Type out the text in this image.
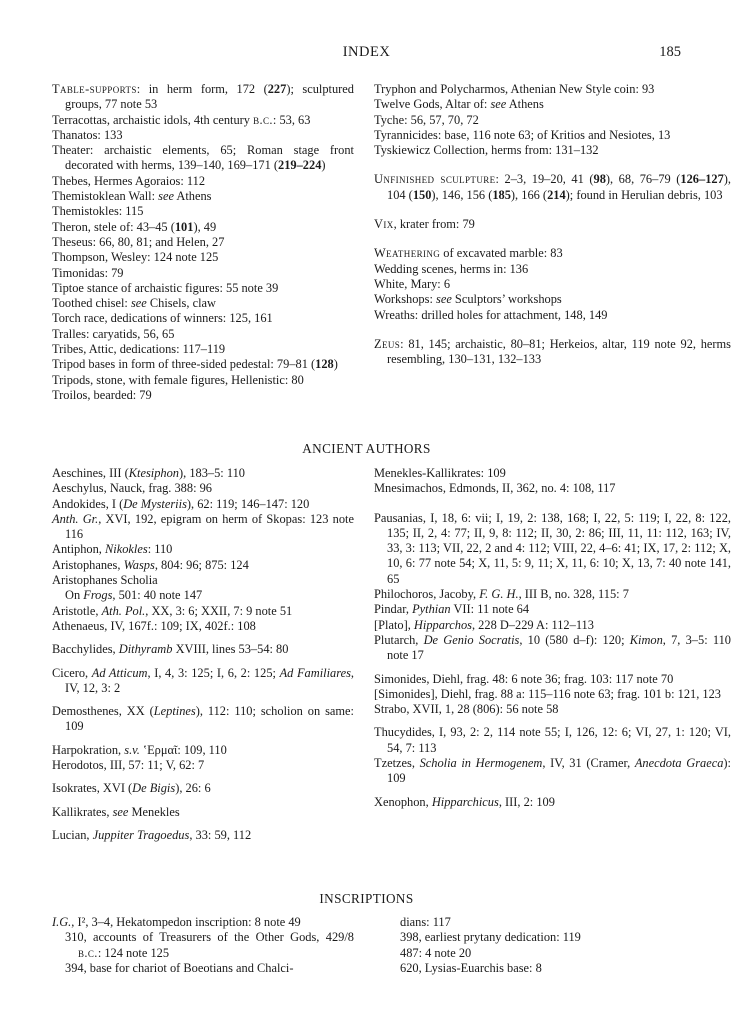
INDEX	185
Table-supports: in herm form, 172 (227); sculptured groups, 77 note 53
Terracottas, archaistic idols, 4th century b.c.: 53, 63
Thanatos: 133
Theater: archaistic elements, 65; Roman stage front decorated with herms, 139–140, 169–171 (219–224)
Thebes, Hermes Agoraios: 112
Themistoklean Wall: see Athens
Themistokles: 115
Theron, stele of: 43–45 (101), 49
Theseus: 66, 80, 81; and Helen, 27
Thompson, Wesley: 124 note 125
Timonidas: 79
Tiptoe stance of archaistic figures: 55 note 39
Toothed chisel: see Chisels, claw
Torch race, dedications of winners: 125, 161
Tralles: caryatids, 56, 65
Tribes, Attic, dedications: 117–119
Tripod bases in form of three-sided pedestal: 79–81 (128)
Tripods, stone, with female figures, Hellenistic: 80
Troilos, bearded: 79
Tryphon and Polycharmos, Athenian New Style coin: 93
Twelve Gods, Altar of: see Athens
Tyche: 56, 57, 70, 72
Tyrannicides: base, 116 note 63; of Kritios and Nesiotes, 13
Tyskiewicz Collection, herms from: 131–132
Unfinished sculpture: 2–3, 19–20, 41 (98), 68, 76–79 (126–127), 104 (150), 146, 156 (185), 166 (214); found in Herulian debris, 103
Vix, krater from: 79
Weathering of excavated marble: 83
Wedding scenes, herms in: 136
White, Mary: 6
Workshops: see Sculptors’ workshops
Wreaths: drilled holes for attachment, 148, 149
Zeus: 81, 145; archaistic, 80–81; Herkeios, altar, 119 note 92, herms resembling, 130–131, 132–133
ANCIENT AUTHORS
Aeschines, III (Ktesiphon), 183–5: 110
Aeschylus, Nauck, frag. 388: 96
Andokides, I (De Mysteriis), 62: 119; 146–147: 120
Anth. Gr., XVI, 192, epigram on herm of Skopas: 123 note 116
Antiphon, Nikokles: 110
Aristophanes, Wasps, 804: 96; 875: 124
Aristophanes Scholia
On Frogs, 501: 40 note 147
Aristotle, Ath. Pol., XX, 3: 6; XXII, 7: 9 note 51
Athenaeus, IV, 167f.: 109; IX, 402f.: 108
Bacchylides, Dithyramb XVIII, lines 53–54: 80
Cicero, Ad Atticum, I, 4, 3: 125; I, 6, 2: 125; Ad Familiares, IV, 12, 3: 2
Demosthenes, XX (Leptines), 112: 110; scholion on same: 109
Harpokration, s.v. ʽΕρμαῖ: 109, 110
Herodotos, III, 57: 11; V, 62: 7
Isokrates, XVI (De Bigis), 26: 6
Kallikrates, see Menekles
Lucian, Juppiter Tragoedus, 33: 59, 112
Menekles-Kallikrates: 109
Mnesimachos, Edmonds, II, 362, no. 4: 108, 117
Pausanias, I, 18, 6: vii; I, 19, 2: 138, 168; I, 22, 5: 119; I, 22, 8: 122, 135; II, 2, 4: 77; II, 9, 8: 112; II, 30, 2: 86; III, 11, 11: 112, 163; IV, 33, 3: 113; VII, 22, 2 and 4: 112; VIII, 22, 4–6: 41; IX, 17, 2: 112; X, 10, 6: 77 note 54; X, 11, 5: 9, 11; X, 11, 6: 10; X, 13, 7: 40 note 141, 65
Philochoros, Jacoby, F. G. H., III B, no. 328, 115: 7
Pindar, Pythian VII: 11 note 64
[Plato], Hipparchos, 228 D–229 A: 112–113
Plutarch, De Genio Socratis, 10 (580 d–f): 120; Kimon, 7, 3–5: 110 note 17
Simonides, Diehl, frag. 48: 6 note 36; frag. 103: 117 note 70
[Simonides], Diehl, frag. 88 a: 115–116 note 63; frag. 101 b: 121, 123
Strabo, XVII, 1, 28 (806): 56 note 58
Thucydides, I, 93, 2: 2, 114 note 55; I, 126, 12: 6; VI, 27, 1: 120; VI, 54, 7: 113
Tzetzes, Scholia in Hermogenem, IV, 31 (Cramer, Anecdota Graeca): 109
Xenophon, Hipparchicus, III, 2: 109
INSCRIPTIONS
I.G., I², 3–4, Hekatompedon inscription: 8 note 49
310, accounts of Treasurers of the Other Gods, 429/8 b.c.: 124 note 125
394, base for chariot of Boeotians and Chalci-
dians: 117
398, earliest prytany dedication: 119
487: 4 note 20
620, Lysias-Euarchis base: 8
